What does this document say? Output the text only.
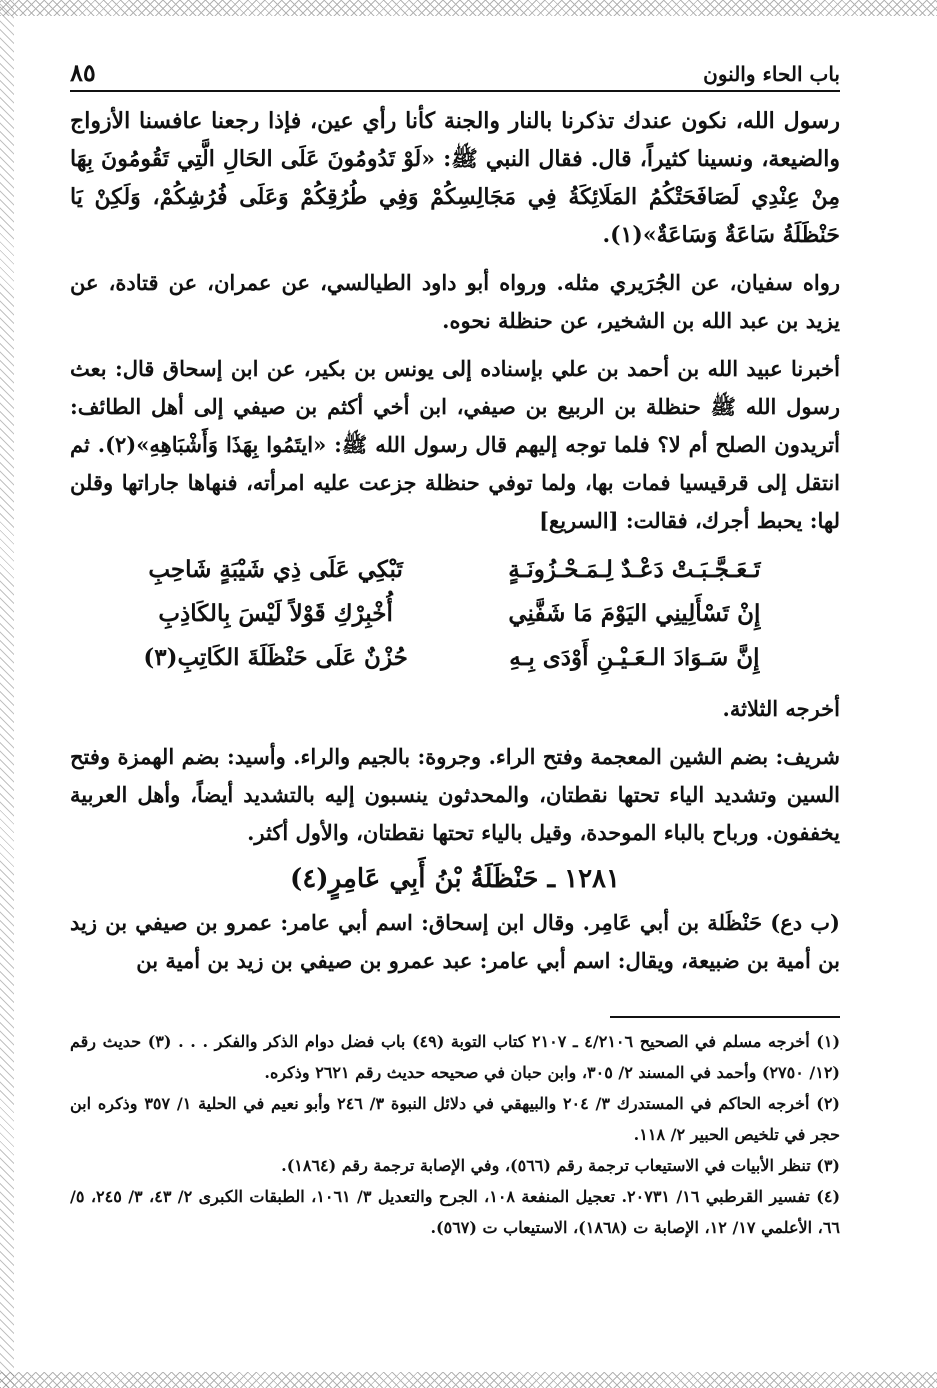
باب الحاء والنون
٨٥

رسول الله، نكون عندك تذكرنا بالنار والجنة كأنا رأي عين، فإذا رجعنا عافسنا الأزواج والضيعة، ونسينا كثيراً، قال. فقال النبي ﷺ: «لَوْ تَدُومُونَ عَلَى الحَالِ الَّتِي تَقُومُونَ بِهَا مِنْ عِنْدِي لَصَافَحَتْكُمُ المَلَائِكَةُ فِي مَجَالِسِكُمْ وَفِي طُرُقِكُمْ وَعَلَى فُرُشِكُمْ، وَلَكِنْ يَا حَنْظَلَةُ سَاعَةٌ وَسَاعَةٌ»(١).

رواه سفيان، عن الجُرَيري مثله. ورواه أبو داود الطيالسي، عن عمران، عن قتادة، عن يزيد بن عبد الله بن الشخير، عن حنظلة نحوه.

أخبرنا عبيد الله بن أحمد بن علي بإسناده إلى يونس بن بكير، عن ابن إسحاق قال: بعث رسول الله ﷺ حنظلة بن الربيع بن صيفي، ابن أخي أكثم بن صيفي إلى أهل الطائف: أتريدون الصلح أم لا؟ فلما توجه إليهم قال رسول الله ﷺ: «ايتَمُوا بِهَذَا وَأَشْبَاهِهِ»(٢). ثم انتقل إلى قرقيسيا فمات بها، ولما توفي حنظلة جزعت عليه امرأته، فنهاها جاراتها وقلن لها: يحبط أجرك، فقالت: [السريع]

تَـعَـجَّـبَـتْ دَعْـدٌ لِـمَـحْـزُونَـةٍ
تَبْكِي عَلَى ذِي شَيْبَةٍ شَاحِبِ
إِنْ تَسْأَلِينِي اليَوْمَ مَا شَفَّنِي
أُخْبِرْكِ قَوْلاً لَيْسَ بِالكَاذِبِ
إِنَّ سَـوَادَ الـعَـيْـنِ أَوْدَى بِـهِ
حُزْنٌ عَلَى حَنْظَلَةَ الكَاتِبِ(٣)

أخرجه الثلاثة.

شريف: بضم الشين المعجمة وفتح الراء. وجروة: بالجيم والراء. وأسيد: بضم الهمزة وفتح السين وتشديد الياء تحتها نقطتان، والمحدثون ينسبون إليه بالتشديد أيضاً، وأهل العربية يخففون. ورباح بالباء الموحدة، وقيل بالياء تحتها نقطتان، والأول أكثر.

١٢٨١ ـ حَنْظَلَةُ بْنُ أَبِي عَامِرٍ(٤)

(ب دع) حَنْظَلة بن أبي عَامِر. وقال ابن إسحاق: اسم أبي عامر: عمرو بن صيفي بن زيد بن أمية بن ضبيعة، ويقال: اسم أبي عامر: عبد عمرو بن صيفي بن زيد بن أمية بن

(١) أخرجه مسلم في الصحيح ٤/٢١٠٦ ـ ٢١٠٧ كتاب التوبة (٤٩) باب فضل دوام الذكر والفكر . . . (٣) حديث رقم (١٢/ ٢٧٥٠) وأحمد في المسند ٢/ ٣٠٥، وابن حبان في صحيحه حديث رقم ٢٦٢١ وذكره.

(٢) أخرجه الحاكم في المستدرك ٣/ ٢٠٤ والبيهقي في دلائل النبوة ٣/ ٢٤٦ وأبو نعيم في الحلية ١/ ٣٥٧ وذكره ابن حجر في تلخيص الحبير ٢/ ١١٨.

(٣) تنظر الأبيات في الاستيعاب ترجمة رقم (٥٦٦)، وفي الإصابة ترجمة رقم (١٨٦٤).

(٤) تفسير القرطبي ١٦/ ٢٠٧٣١. تعجيل المنفعة ١٠٨، الجرح والتعديل ٣/ ١٠٦١، الطبقات الكبرى ٢/ ٤٣، ٣/ ٢٤٥، ٥/ ٦٦، الأعلمي ١٧/ ١٢، الإصابة ت (١٨٦٨)، الاستيعاب ت (٥٦٧).
